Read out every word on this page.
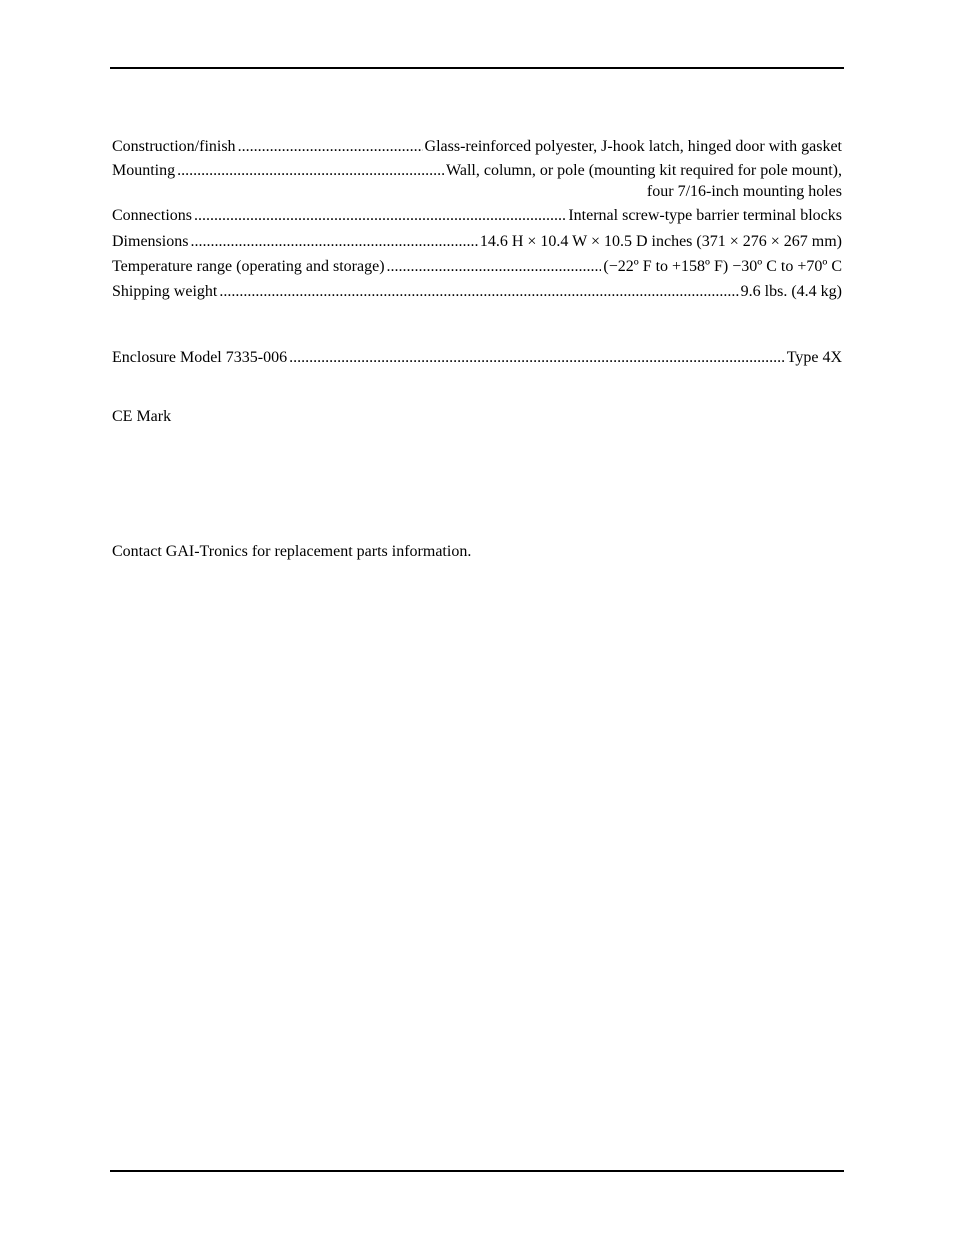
Construction/finish .....	Glass-reinforced polyester, J-hook latch, hinged door with gasket
Mounting .....	Wall, column, or pole (mounting kit required for pole mount),
four 7/16-inch mounting holes
Connections .....	Internal screw-type barrier terminal blocks
Dimensions .....	14.6 H × 10.4 W × 10.5 D inches (371 × 276 × 267 mm)
Temperature range (operating and storage) .....	(−22º F to +158º F) −30º C to +70º C
Shipping weight .....	9.6 lbs. (4.4 kg)
Enclosure Model 7335-006 .....	Type 4X
CE Mark
Contact GAI-Tronics for replacement parts information.
